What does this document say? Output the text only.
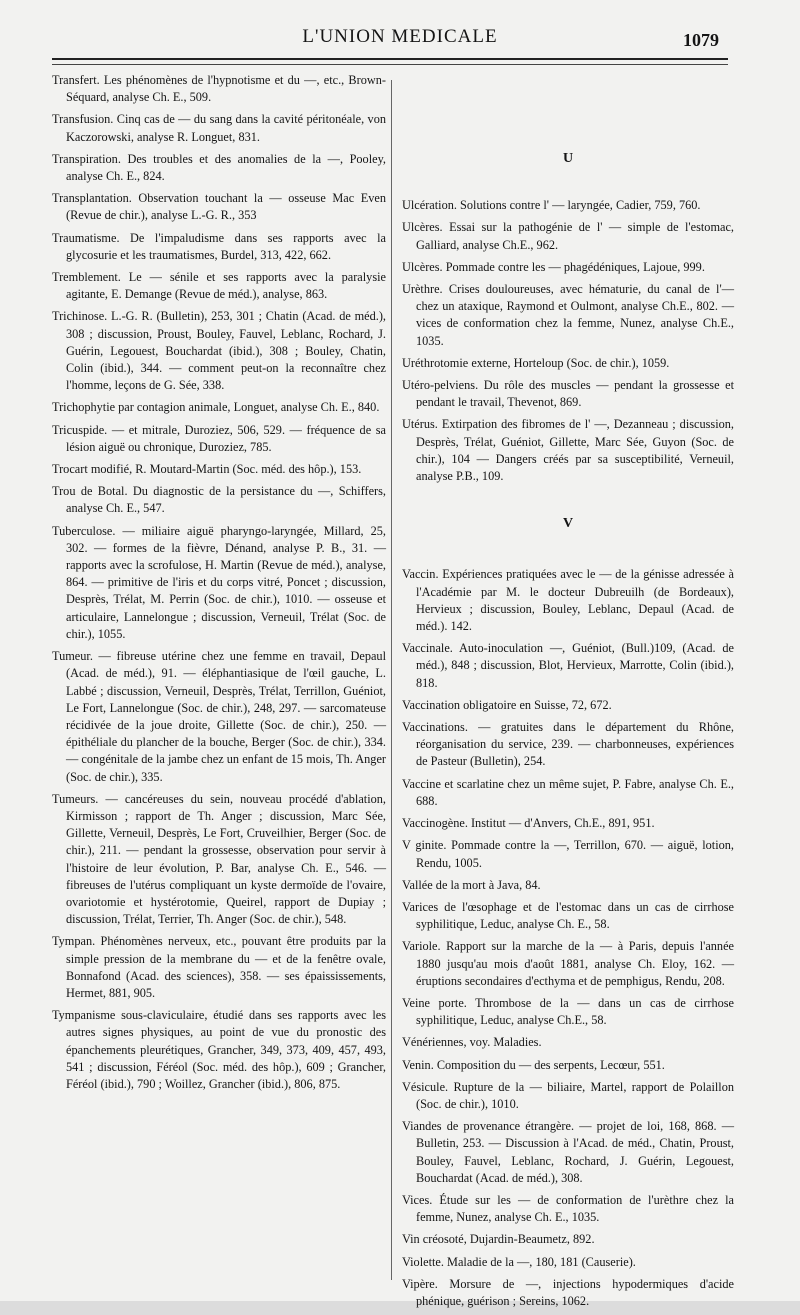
L'UNION MEDICALE	1079

Transfert. Les phénomènes de l'hypnotisme et du —, etc., Brown-Séquard, analyse Ch. E., 509.

Transfusion. Cinq cas de — du sang dans la cavité péritonéale, von Kaczorowski, analyse R. Longuet, 831.

Transpiration. Des troubles et des anomalies de la —, Pooley, analyse Ch. E., 824.

Transplantation. Observation touchant la — osseuse Mac Even (Revue de chir.), analyse L.-G. R., 353

Traumatisme. De l'impaludisme dans ses rapports avec la glycosurie et les traumatismes, Burdel, 313, 422, 662.

Tremblement. Le — sénile et ses rapports avec la paralysie agitante, E. Demange (Revue de méd.), analyse, 863.

Trichinose. L.-G. R. (Bulletin), 253, 301 ; Chatin (Acad. de méd.), 308 ; discussion, Proust, Bouley, Fauvel, Leblanc, Rochard, J. Guérin, Legouest, Bouchardat (ibid.), 308 ; Bouley, Chatin, Colin (ibid.), 344. — comment peut-on la reconnaître chez l'homme, leçons de G. Sée, 338.

Trichophytie par contagion animale, Longuet, analyse Ch. E., 840.

Tricuspide. — et mitrale, Duroziez, 506, 529. — fréquence de sa lésion aiguë ou chronique, Duroziez, 785.

Trocart modifié, R. Moutard-Martin (Soc. méd. des hôp.), 153.

Trou de Botal. Du diagnostic de la persistance du —, Schiffers, analyse Ch. E., 547.

Tuberculose. — miliaire aiguë pharyngo-laryngée, Millard, 25, 302. — formes de la fièvre, Dénand, analyse P. B., 31. — rapports avec la scrofulose, H. Martin (Revue de méd.), analyse, 864. — primitive de l'iris et du corps vitré, Poncet ; discussion, Desprès, Trélat, M. Perrin (Soc. de chir.), 1010. — osseuse et articulaire, Lannelongue ; discussion, Verneuil, Trélat (Soc. de chir.), 1055.

Tumeur. — fibreuse utérine chez une femme en travail, Depaul (Acad. de méd.), 91. — éléphantiasique de l'œil gauche, L. Labbé ; discussion, Verneuil, Desprès, Trélat, Terrillon, Guéniot, Le Fort, Lannelongue (Soc. de chir.), 248, 297. — sarcomateuse récidivée de la joue droite, Gillette (Soc. de chir.), 250. — épithéliale du plancher de la bouche, Berger (Soc. de chir.), 334. — congénitale de la jambe chez un enfant de 15 mois, Th. Anger (Soc. de chir.), 335.

Tumeurs. — cancéreuses du sein, nouveau procédé d'ablation, Kirmisson ; rapport de Th. Anger ; discussion, Marc Sée, Gillette, Verneuil, Desprès, Le Fort, Cruveilhier, Berger (Soc. de chir.), 211. — pendant la grossesse, observation pour servir à l'histoire de leur évolution, P. Bar, analyse Ch. E., 546. — fibreuses de l'utérus compliquant un kyste dermoïde de l'ovaire, ovariotomie et hystérotomie, Queirel, rapport de Dupiay ; discussion, Trélat, Terrier, Th. Anger (Soc. de chir.), 548.

Tympan. Phénomènes nerveux, etc., pouvant être produits par la simple pression de la membrane du — et de la fenêtre ovale, Bonnafond (Acad. des sciences), 358. — ses épaississements, Hermet, 881, 905.

Tympanisme sous-claviculaire, étudié dans ses rapports avec les autres signes physiques, au point de vue du pronostic des épanchements pleurétiques, Grancher, 349, 373, 409, 457, 493, 541 ; discussion, Féréol (Soc. méd. des hôp.), 609 ; Grancher, Féréol (ibid.), 790 ; Woillez, Grancher (ibid.), 806, 875.

U

Ulcération. Solutions contre l' — laryngée, Cadier, 759, 760.

Ulcères. Essai sur la pathogénie de l' — simple de l'estomac, Galliard, analyse Ch.E., 962.

Ulcères. Pommade contre les — phagédéniques, Lajoue, 999.

Urèthre. Crises douloureuses, avec hématurie, du canal de l'— chez un ataxique, Raymond et Oulmont, analyse Ch.E., 802. — vices de conformation chez la femme, Nunez, analyse Ch.E., 1035.

Uréthrotomie externe, Horteloup (Soc. de chir.), 1059.

Utéro-pelviens. Du rôle des muscles — pendant la grossesse et pendant le travail, Thevenot, 869.

Utérus. Extirpation des fibromes de l' —, Dezanneau ; discussion, Desprès, Trélat, Guéniot, Gillette, Marc Sée, Guyon (Soc. de chir.), 104 — Dangers créés par sa susceptibilité, Verneuil, analyse P.B., 109.

V

Vaccin. Expériences pratiquées avec le — de la génisse adressée à l'Académie par M. le docteur Dubreuilh (de Bordeaux), Hervieux ; discussion, Bouley, Leblanc, Depaul (Acad. de méd.). 142.

Vaccinale. Auto-inoculation —, Guéniot, (Bull.)109, (Acad. de méd.), 848 ; discussion, Blot, Hervieux, Marrotte, Colin (ibid.), 818.

Vaccination obligatoire en Suisse, 72, 672.

Vaccinations. — gratuites dans le département du Rhône, réorganisation du service, 239. — charbonneuses, expériences de Pasteur (Bulletin), 254.

Vaccine et scarlatine chez un même sujet, P. Fabre, analyse Ch. E., 688.

Vaccinogène. Institut — d'Anvers, Ch.E., 891, 951.

V ginite. Pommade contre la —, Terrillon, 670. — aiguë, lotion, Rendu, 1005.

Vallée de la mort à Java, 84.

Varices de l'œsophage et de l'estomac dans un cas de cirrhose syphilitique, Leduc, analyse Ch. E., 58.

Variole. Rapport sur la marche de la — à Paris, depuis l'année 1880 jusqu'au mois d'août 1881, analyse Ch. Eloy, 162. — éruptions secondaires d'ecthyma et de pemphigus, Rendu, 208.

Veine porte. Thrombose de la — dans un cas de cirrhose syphilitique, Leduc, analyse Ch.E., 58.

Vénériennes, voy. Maladies.

Venin. Composition du — des serpents, Lecœur, 551.

Vésicule. Rupture de la — biliaire, Martel, rapport de Polaillon (Soc. de chir.), 1010.

Viandes de provenance étrangère. — projet de loi, 168, 868. — Bulletin, 253. — Discussion à l'Acad. de méd., Chatin, Proust, Bouley, Fauvel, Leblanc, Rochard, J. Guérin, Legouest, Bouchardat (Acad. de méd.), 308.

Vices. Étude sur les — de conformation de l'urèthre chez la femme, Nunez, analyse Ch. E., 1035.

Vin créosoté, Dujardin-Beaumetz, 892.

Violette. Maladie de la —, 180, 181 (Causerie).

Vipère. Morsure de —, injections hypodermiques d'acide phénique, guérison ; Sereins, 1062.
